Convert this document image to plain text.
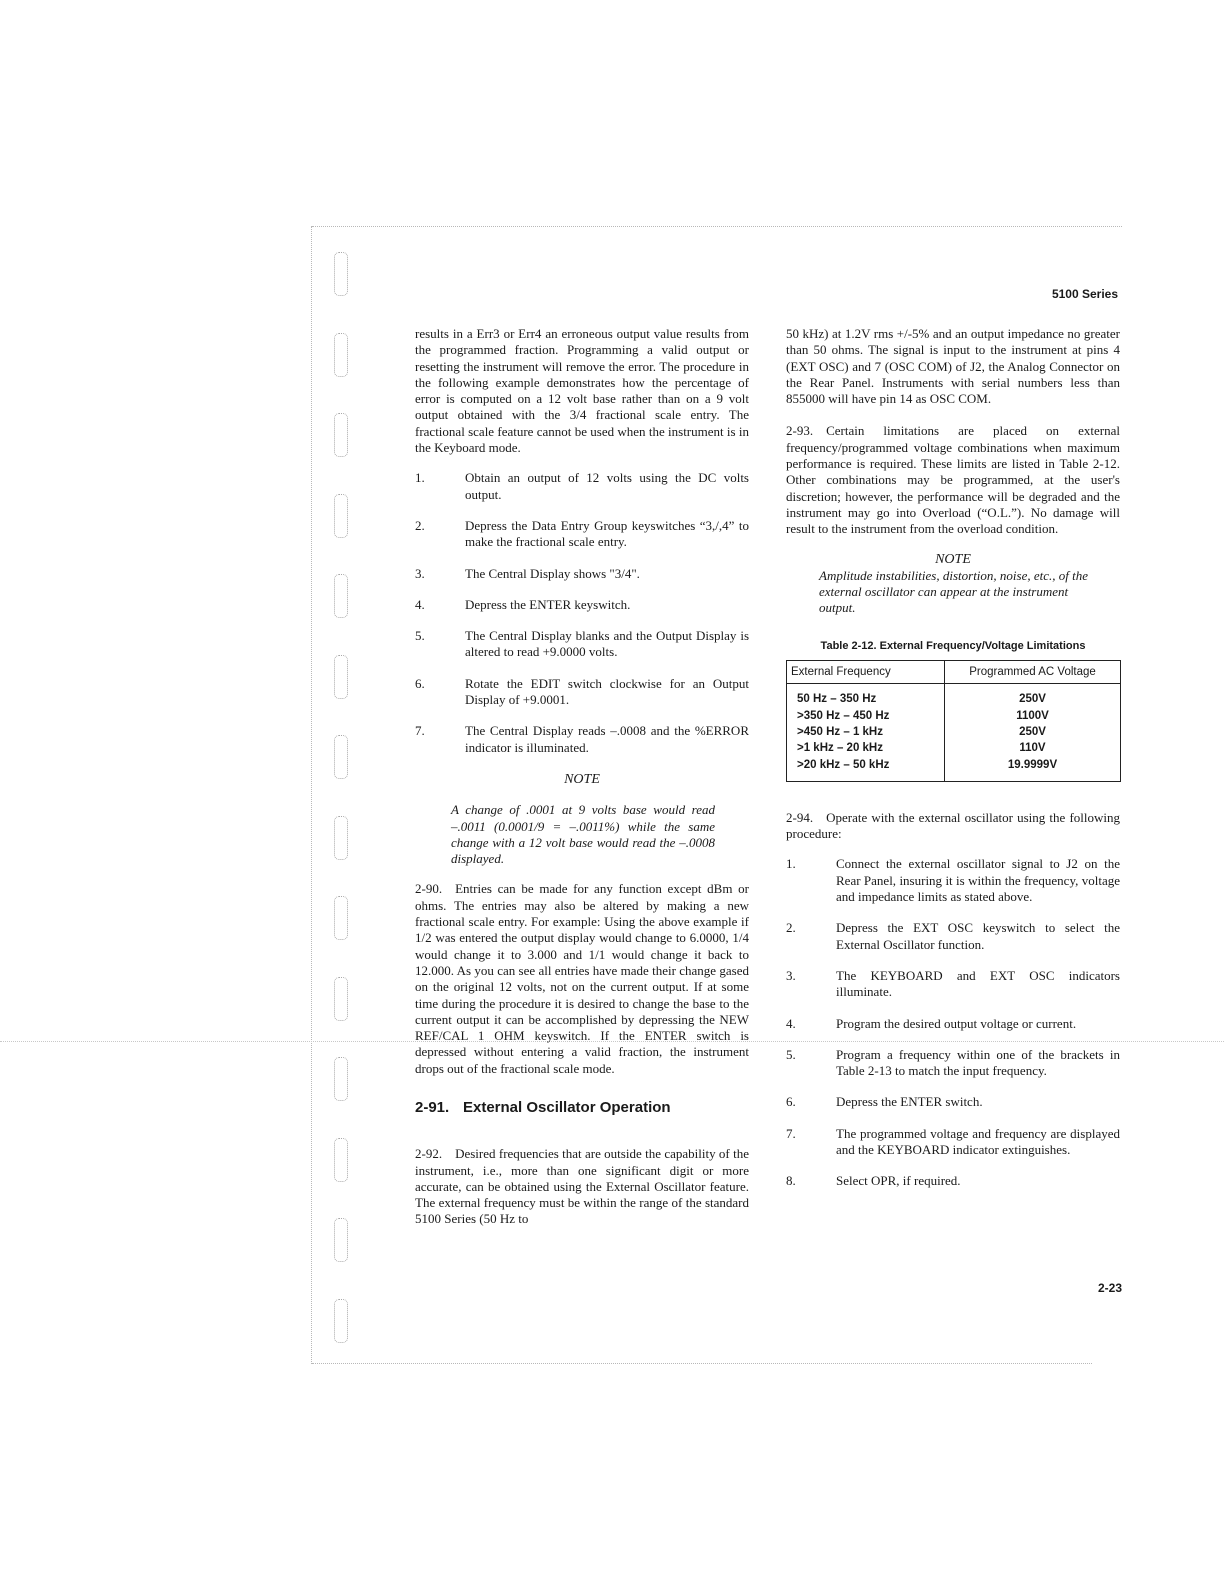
5100 Series

results in a Err3 or Err4 an erroneous output value results from the programmed fraction. Programming a valid output or resetting the instrument will remove the error. The procedure in the following example demonstrates how the percentage of error is computed on a 12 volt base rather than on a 9 volt output obtained with the 3/4 fractional scale entry. The fractional scale feature cannot be used when the instrument is in the Keyboard mode.

1.	Obtain an output of 12 volts using the DC volts output.
2.	Depress the Data Entry Group keyswitches “3,/,4” to make the fractional scale entry.
3.	The Central Display shows "3/4".
4.	Depress the ENTER keyswitch.
5.	The Central Display blanks and the Output Display is altered to read +9.0000 volts.
6.	Rotate the EDIT switch clockwise for an Output Display of +9.0001.
7.	The Central Display reads –.0008 and the %ERROR indicator is illuminated.
NOTE

A change of .0001 at 9 volts base would read –.0011 (0.0001/9 = –.0011%) while the same change with a 12 volt base would read the –.0008 displayed.

2-90. Entries can be made for any function except dBm or ohms. The entries may also be altered by making a new fractional scale entry. For example: Using the above example if 1/2 was entered the output display would change to 6.0000, 1/4 would change it to 3.000 and 1/1 would change it back to 12.000. As you can see all entries have made their change gased on the original 12 volts, not on the current output. If at some time during the procedure it is desired to change the base to the current output it can be accomplished by depressing the NEW REF/CAL 1 OHM keyswitch. If the ENTER switch is depressed without entering a valid fraction, the instrument drops out of the fractional scale mode.

2-91. External Oscillator Operation

2-92. Desired frequencies that are outside the capability of the instrument, i.e., more than one significant digit or more accurate, can be obtained using the External Oscillator feature. The external frequency must be within the range of the standard 5100 Series (50 Hz to

50 kHz) at 1.2V rms +/-5% and an output impedance no greater than 50 ohms. The signal is input to the instrument at pins 4 (EXT OSC) and 7 (OSC COM) of J2, the Analog Connector on the Rear Panel. Instruments with serial numbers less than 855000 will have pin 14 as OSC COM.

2-93. Certain limitations are placed on external frequency/programmed voltage combinations when maximum performance is required. These limits are listed in Table 2-12. Other combinations may be programmed, at the user's discretion; however, the performance will be degraded and the instrument may go into Overload (“O.L.”). No damage will result to the instrument from the overload condition.

NOTE

Amplitude instabilities, distortion, noise, etc., of the external oscillator can appear at the instrument output.

Table 2-12. External Frequency/Voltage Limitations
External Frequency	Programmed AC Voltage
50 Hz – 350 Hz	250V
>350 Hz – 450 Hz	1100V
>450 Hz – 1 kHz	250V
>1 kHz – 20 kHz	110V
>20 kHz – 50 kHz	19.9999V

2-94. Operate with the external oscillator using the following procedure:

1.	Connect the external oscillator signal to J2 on the Rear Panel, insuring it is within the frequency, voltage and impedance limits as stated above.
2.	Depress the EXT OSC keyswitch to select the External Oscillator function.
3.	The KEYBOARD and EXT OSC indicators illuminate.
4.	Program the desired output voltage or current.
5.	Program a frequency within one of the brackets in Table 2-13 to match the input frequency.
6.	Depress the ENTER switch.
7.	The programmed voltage and frequency are displayed and the KEYBOARD indicator extinguishes.
8.	Select OPR, if required.
2-23
